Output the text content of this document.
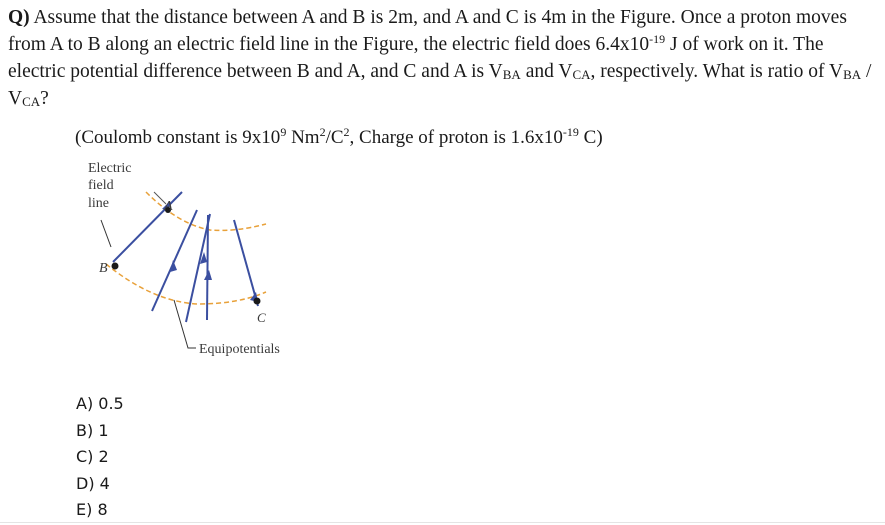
Q) Assume that the distance between A and B is 2m, and A and C is 4m in the Figure. Once a proton moves from A to B along an electric field line in the Figure, the electric field does $6.4x10^{-19}$ J of work on it. The electric potential difference between B and A, and C and A is $V_{BA}$ and $V_{CA}$, respectively. What is ratio of $V_{BA} / V_{CA}$?

(Coulomb constant is $9x10^9$ $Nm^2/C^2$, Charge of proton is $1.6x10^{-19}$ C)
Electric
field
line
B
A
C
Equipotentials
A) 0.5
B) 1
C) 2
D) 4
E) 8
